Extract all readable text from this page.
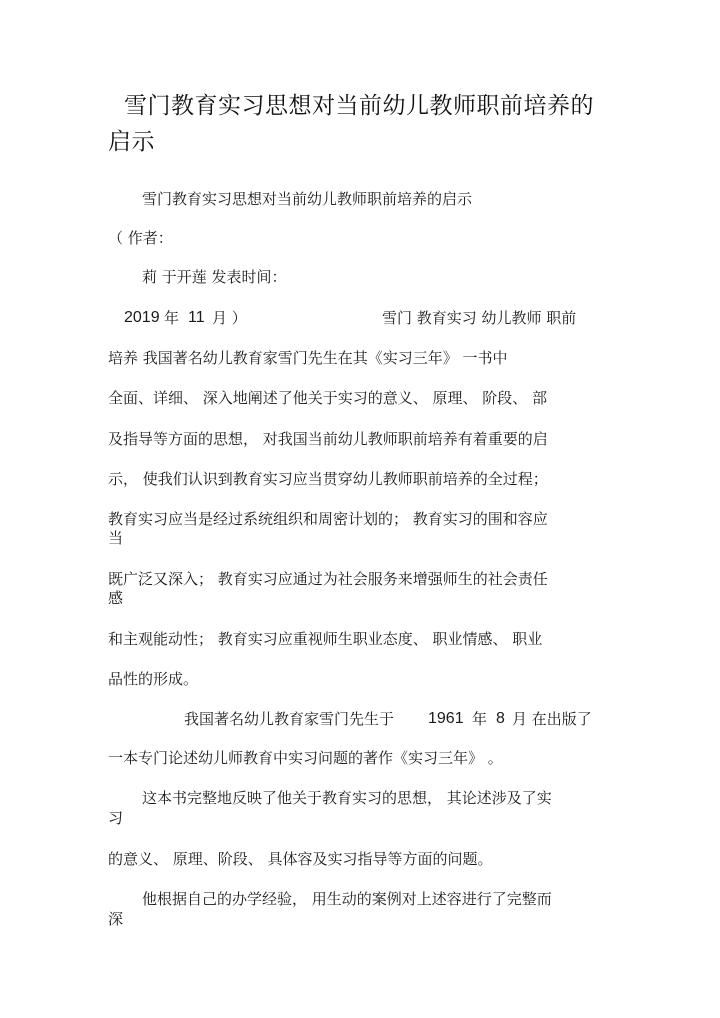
雪门教育实习思想对当前幼儿教师职前培养的启示
雪门教育实习思想对当前幼儿教师职前培养的启示
（ 作者：
莉 于开莲 发表时间：
2019 年 11 月 ）	雪门 教育实习 幼儿教师 职前
培养 我国著名幼儿教育家雪门先生在其《实习三年》 一书中
全面、详细、 深入地阐述了他关于实习的意义、 原理、 阶段、 部
及指导等方面的思想， 对我国当前幼儿教师职前培养有着重要的启
示， 使我们认识到教育实习应当贯穿幼儿教师职前培养的全过程；
教育实习应当是经过系统组织和周密计划的； 教育实习的围和容应
当
既广泛又深入； 教育实习应通过为社会服务来增强师生的社会责任
感
和主观能动性； 教育实习应重视师生职业态度、 职业情感、 职业
品性的形成。
我国著名幼儿教育家雪门先生于 1961 年 8 月 在出版了
一本专门论述幼儿师教育中实习问题的著作《实习三年》 。
这本书完整地反映了他关于教育实习的思想， 其论述涉及了实
习
的意义、 原理、阶段、 具体容及实习指导等方面的问题。
他根据自己的办学经验， 用生动的案例对上述容进行了完整而
深
